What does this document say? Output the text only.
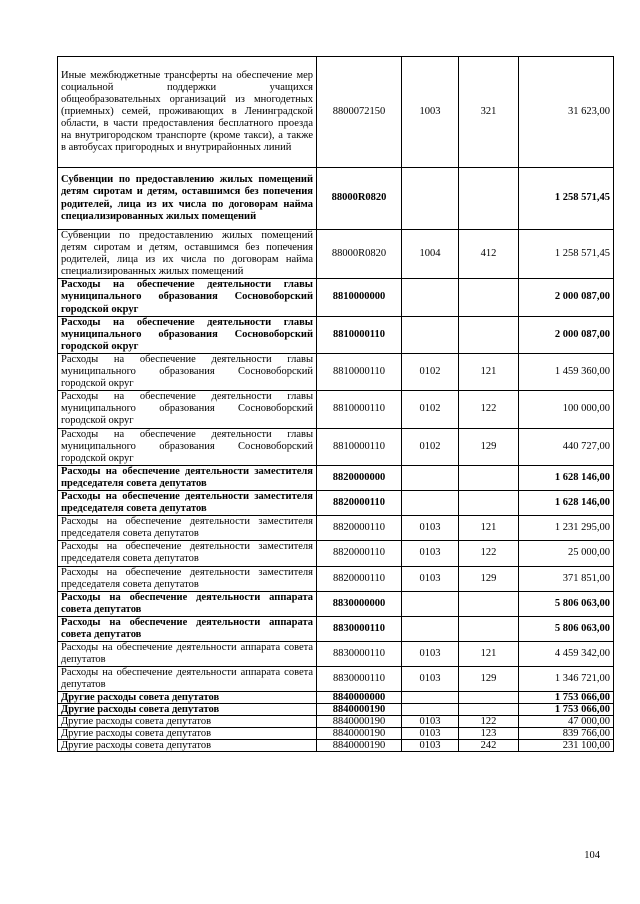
Иные межбюджетные трансферты на обеспечение мер социальной поддержки учащихся общеобразовательных организаций из многодетных (приемных) семей, проживающих в Ленинградской области, в части предоставления бесплатного проезда на внутригородском транспорте (кроме такси), а также в автобусах пригородных и внутрирайонных линий	8800072150	1003	321	31 623,00
Субвенции по предоставлению жилых помещений детям сиротам и детям, оставшимся без попечения родителей, лица из их числа по договорам найма специализированных жилых помещений	88000R0820			1 258 571,45
Субвенции по предоставлению жилых помещений детям сиротам и детям, оставшимся без попечения родителей, лица из их числа по договорам найма специализированных жилых помещений	88000R0820	1004	412	1 258 571,45
Расходы на обеспечение деятельности главы муниципального образования Сосновоборский городской округ	8810000000			2 000 087,00
Расходы на обеспечение деятельности главы муниципального образования Сосновоборский городской округ	8810000110			2 000 087,00
Расходы на обеспечение деятельности главы муниципального образования Сосновоборский городской округ	8810000110	0102	121	1 459 360,00
Расходы на обеспечение деятельности главы муниципального образования Сосновоборский городской округ	8810000110	0102	122	100 000,00
Расходы на обеспечение деятельности главы муниципального образования Сосновоборский городской округ	8810000110	0102	129	440 727,00
Расходы на обеспечение деятельности заместителя председателя совета депутатов	8820000000			1 628 146,00
Расходы на обеспечение деятельности заместителя председателя совета депутатов	8820000110			1 628 146,00
Расходы на обеспечение деятельности заместителя председателя совета депутатов	8820000110	0103	121	1 231 295,00
Расходы на обеспечение деятельности заместителя председателя совета депутатов	8820000110	0103	122	25 000,00
Расходы на обеспечение деятельности заместителя председателя совета депутатов	8820000110	0103	129	371 851,00
Расходы на обеспечение деятельности аппарата совета депутатов	8830000000			5 806 063,00
Расходы на обеспечение деятельности аппарата совета депутатов	8830000110			5 806 063,00
Расходы на обеспечение деятельности аппарата совета депутатов	8830000110	0103	121	4 459 342,00
Расходы на обеспечение деятельности аппарата совета депутатов	8830000110	0103	129	1 346 721,00
Другие расходы совета депутатов	8840000000			1 753 066,00
Другие расходы совета депутатов	8840000190			1 753 066,00
Другие расходы совета депутатов	8840000190	0103	122	47 000,00
Другие расходы совета депутатов	8840000190	0103	123	839 766,00
Другие расходы совета депутатов	8840000190	0103	242	231 100,00
104
